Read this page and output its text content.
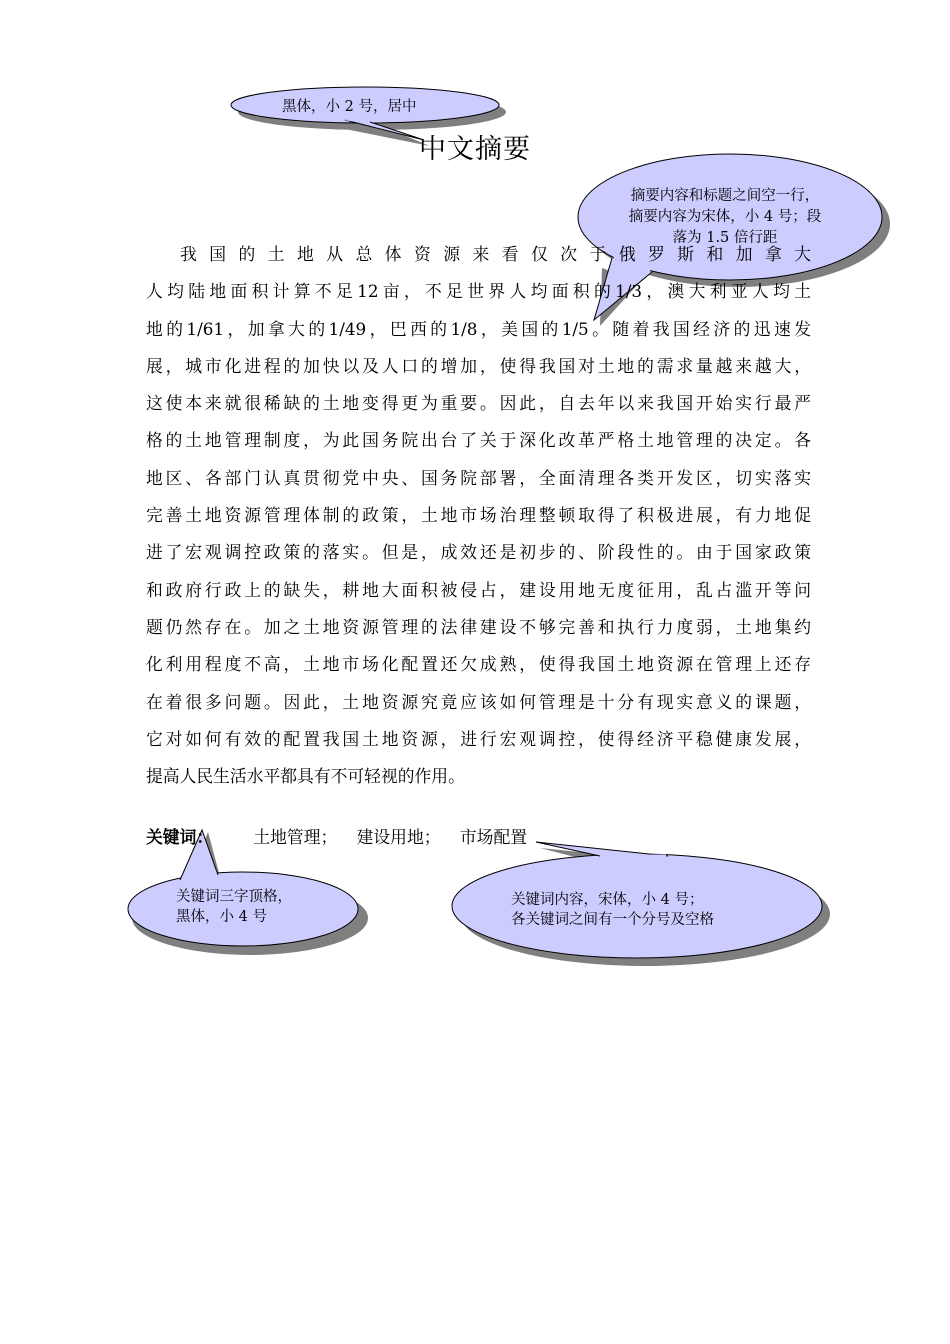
黑体，小 2 号，居中
摘要内容和标题之间空一行，摘要内容为宋体，小 4 号；段落为 1.5 倍行距
关键词三字顶格，
黑体，小 4 号
关键词内容，宋体，小 4 号；
各关键词之间有一个分号及空格
中文摘要
我国的土地从总体资源来看仅次于俄罗斯和加拿大
人均陆地面积计算不足12亩，不足世界人均面积的1/3，澳大利亚人均土
地的1/61，加拿大的1/49，巴西的1/8，美国的1/5。随着我国经济的迅速发
展，城市化进程的加快以及人口的增加，使得我国对土地的需求量越来越大，
这使本来就很稀缺的土地变得更为重要。因此，自去年以来我国开始实行最严
格的土地管理制度，为此国务院出台了关于深化改革严格土地管理的决定。各
地区、各部门认真贯彻党中央、国务院部署，全面清理各类开发区，切实落实
完善土地资源管理体制的政策，土地市场治理整顿取得了积极进展，有力地促
进了宏观调控政策的落实。但是，成效还是初步的、阶段性的。由于国家政策
和政府行政上的缺失，耕地大面积被侵占，建设用地无度征用，乱占滥开等问
题仍然存在。加之土地资源管理的法律建设不够完善和执行力度弱，土地集约
化利用程度不高，土地市场化配置还欠成熟，使得我国土地资源在管理上还存
在着很多问题。因此，土地资源究竟应该如何管理是十分有现实意义的课题，
它对如何有效的配置我国土地资源，进行宏观调控，使得经济平稳健康发展，
提高人民生活水平都具有不可轻视的作用。
关键词： 土地管理； 建设用地； 市场配置
